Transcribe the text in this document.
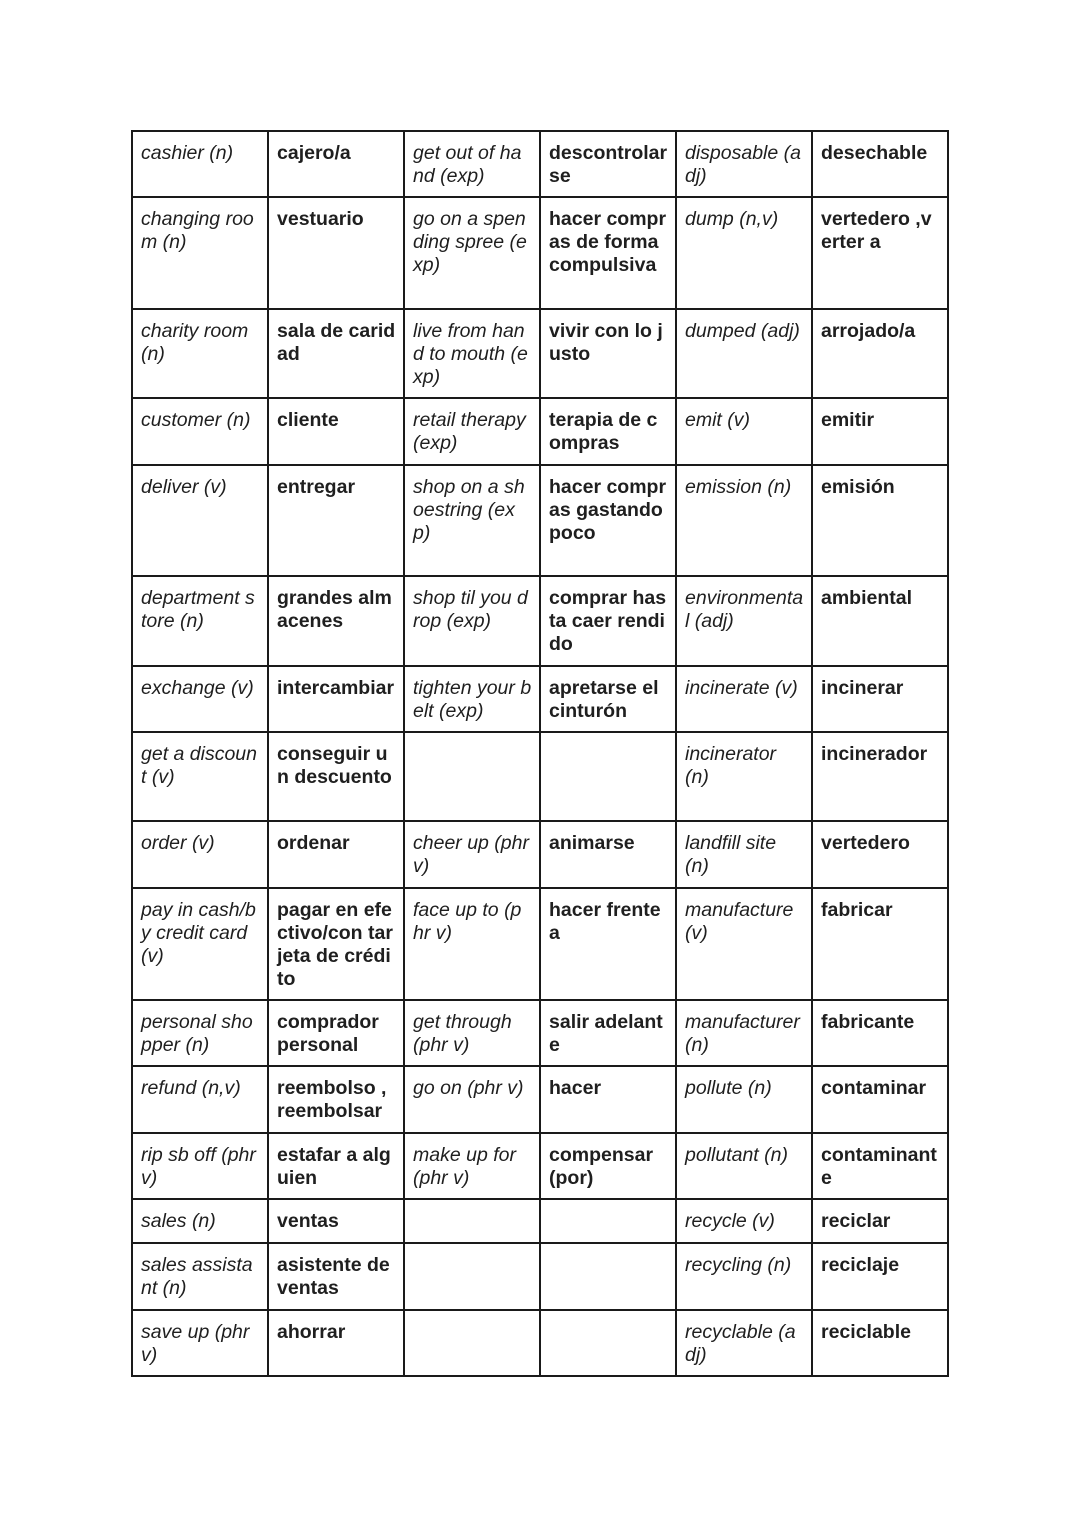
cashier (n)	cajero/a	get out of hand (exp)	descontrolarse	disposable (adj)	desechable
changing room (n)	vestuario	go on a spending spree (exp)	hacer compras de forma compulsiva	dump (n,v)	vertedero ,verter a
charity room (n)	sala de caridad	live from hand to mouth (exp)	vivir con lo justo	dumped (adj)	arrojado/a
customer (n)	cliente	retail therapy (exp)	terapia de compras	emit (v)	emitir
deliver (v)	entregar	shop on a shoestring (exp)	hacer compras gastando poco	emission (n)	emisión
department store (n)	grandes almacenes	shop til you drop (exp)	comprar hasta caer rendido	environmental (adj)	ambiental
exchange (v)	intercambiar	tighten your belt (exp)	apretarse el cinturón	incinerate (v)	incinerar
get a discount (v)	conseguir un descuento			incinerator (n)	incinerador
order (v)	ordenar	cheer up (phr v)	animarse	landfill site (n)	vertedero
pay in cash/by credit card (v)	pagar en efectivo/con tarjeta de crédito	face up to (phr v)	hacer frente a	manufacture (v)	fabricar
personal shopper (n)	comprador personal	get through (phr v)	salir adelante	manufacturer (n)	fabricante
refund (n,v)	reembolso , reembolsar	go on (phr v)	hacer	pollute (n)	contaminar
rip sb off (phr v)	estafar a alguien	make up for (phr v)	compensar (por)	pollutant (n)	contaminante
sales (n)	ventas			recycle (v)	reciclar
sales assistant (n)	asistente de ventas			recycling (n)	reciclaje
save up (phr v)	ahorrar			recyclable (adj)	reciclable
